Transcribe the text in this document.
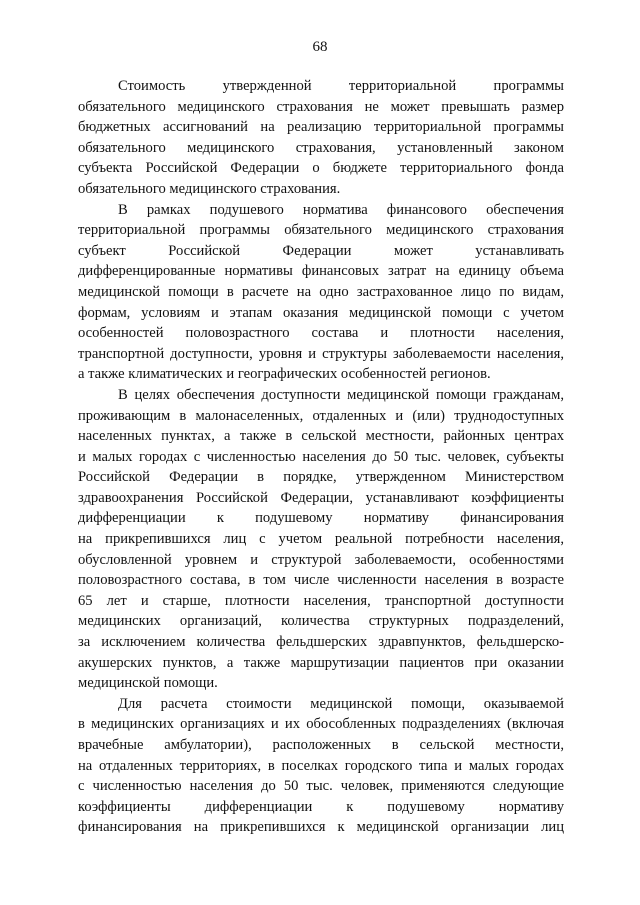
68
Стоимость утвержденной территориальной программы
обязательного медицинского страхования не может превышать размер
бюджетных ассигнований на реализацию территориальной программы
обязательного медицинского страхования, установленный законом
субъекта Российской Федерации о бюджете территориального фонда
обязательного медицинского страхования.
В рамках подушевого норматива финансового обеспечения
территориальной программы обязательного медицинского страхования
субъект Российской Федерации может устанавливать
дифференцированные нормативы финансовых затрат на единицу объема
медицинской помощи в расчете на одно застрахованное лицо по видам,
формам, условиям и этапам оказания медицинской помощи с учетом
особенностей половозрастного состава и плотности населения,
транспортной доступности, уровня и структуры заболеваемости населения,
а также климатических и географических особенностей регионов.
В целях обеспечения доступности медицинской помощи гражданам,
проживающим в малонаселенных, отдаленных и (или) труднодоступных
населенных пунктах, а также в сельской местности, районных центрах
и малых городах с численностью населения до 50 тыс. человек, субъекты
Российской Федерации в порядке, утвержденном Министерством
здравоохранения Российской Федерации, устанавливают коэффициенты
дифференциации к подушевому нормативу финансирования
на прикрепившихся лиц с учетом реальной потребности населения,
обусловленной уровнем и структурой заболеваемости, особенностями
половозрастного состава, в том числе численности населения в возрасте
65 лет и старше, плотности населения, транспортной доступности
медицинских организаций, количества структурных подразделений,
за исключением количества фельдшерских здравпунктов, фельдшерско-
акушерских пунктов, а также маршрутизации пациентов при оказании
медицинской помощи.
Для расчета стоимости медицинской помощи, оказываемой
в медицинских организациях и их обособленных подразделениях (включая
врачебные амбулатории), расположенных в сельской местности,
на отдаленных территориях, в поселках городского типа и малых городах
с численностью населения до 50 тыс. человек, применяются следующие
коэффициенты дифференциации к подушевому нормативу
финансирования на прикрепившихся к медицинской организации лиц
